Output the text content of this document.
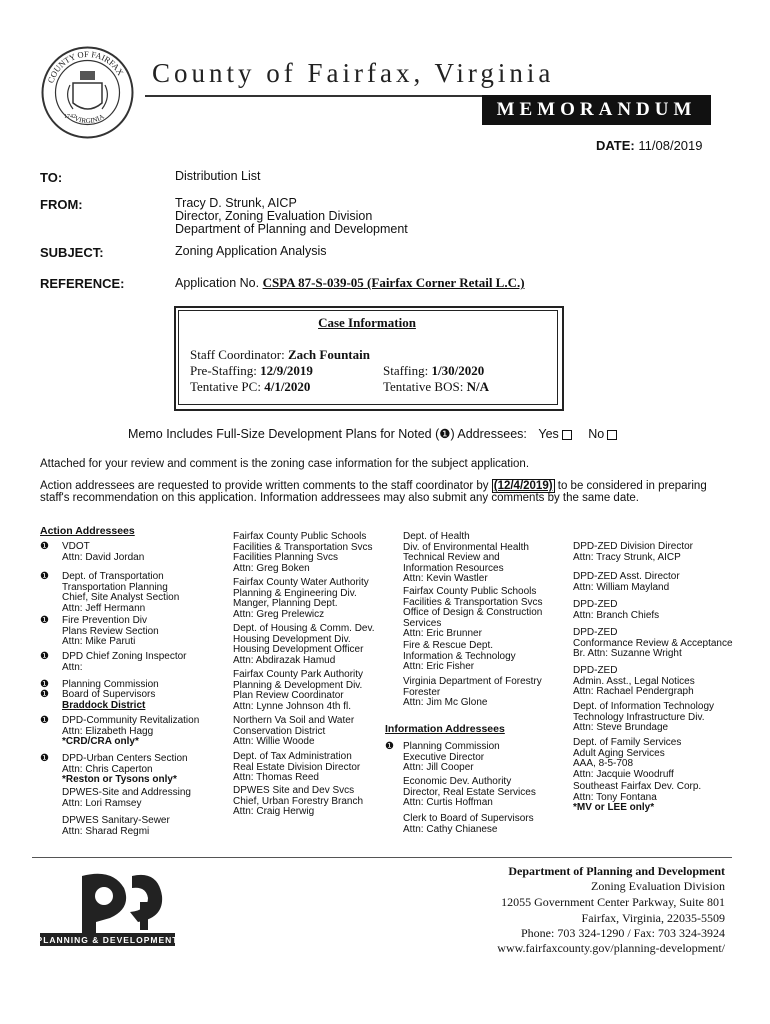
COUNTY OF FAIRFAX
VIRGINIA
1742
County of Fairfax, Virginia
MEMORANDUM
DATE: 11/08/2019
TO:	Distribution List
FROM:	Tracy D. Strunk, AICP
Director, Zoning Evaluation Division
Department of Planning and Development
SUBJECT:	Zoning Application Analysis
REFERENCE:	Application No. CSPA 87-S-039-05 (Fairfax Corner Retail L.C.)
Case Information
Staff Coordinator: Zach Fountain
Pre-Staffing: 12/9/2019	Staffing: 1/30/2020
Tentative PC: 4/1/2020	Tentative BOS: N/A
Memo Includes Full-Size Development Plans for Noted (❶) Addressees: Yes No
Attached for your review and comment is the zoning case information for the subject application.
Action addressees are requested to provide written comments to the staff coordinator by (12/4/2019) to be considered in preparing
staff's recommendation on this application. Information addressees may also submit any comments by the same date.
Action Addressees
VDOT
Attn: David Jordan
❶
Dept. of Transportation
Transportation Planning
Chief, Site Analyst Section
Attn: Jeff Hermann
❶
Fire Prevention Div
Plans Review Section
Attn: Mike Paruti
❶
DPD Chief Zoning Inspector
Attn:
❶
Planning Commission
❶
Board of Supervisors
Braddock District
❶
DPD-Community Revitalization
Attn: Elizabeth Hagg
*CRD/CRA only*
❶
DPD-Urban Centers Section
Attn: Chris Caperton
*Reston or Tysons only*
❶
DPWES-Site and Addressing
Attn: Lori Ramsey
DPWES Sanitary-Sewer
Attn: Sharad Regmi
Fairfax County Public Schools
Facilities & Transportation Svcs
Facilities Planning Svcs
Attn: Greg Boken
Fairfax County Water Authority
Planning & Engineering Div.
Manger, Planning Dept.
Attn: Greg Prelewicz
Dept. of Housing & Comm. Dev.
Housing Development Div.
Housing Development Officer
Attn: Abdirazak Hamud
Fairfax County Park Authority
Planning & Development Div.
Plan Review Coordinator
Attn: Lynne Johnson 4th fl.
Northern Va Soil and Water
Conservation District
Attn: Willie Woode
Dept. of Tax Administration
Real Estate Division Director
Attn: Thomas Reed
DPWES Site and Dev Svcs
Chief, Urban Forestry Branch
Attn: Craig Herwig
Dept. of Health
Div. of Environmental Health
Technical Review and
Information Resources
Attn: Kevin Wastler
Fairfax County Public Schools
Facilities & Transportation Svcs
Office of Design & Construction
Services
Attn: Eric Brunner
Fire & Rescue Dept.
Information & Technology
Attn: Eric Fisher
Virginia Department of Forestry
Forester
Attn: Jim Mc Glone
Information Addressees
Planning Commission
Executive Director
Attn: Jill Cooper
❶
Economic Dev. Authority
Director, Real Estate Services
Attn: Curtis Hoffman
Clerk to Board of Supervisors
Attn: Cathy Chianese
DPD-ZED Division Director
Attn: Tracy Strunk, AICP
DPD-ZED Asst. Director
Attn: William Mayland
DPD-ZED
Attn: Branch Chiefs
DPD-ZED
Conformance Review & Acceptance
Br. Attn: Suzanne Wright
DPD-ZED
Admin. Asst., Legal Notices
Attn: Rachael Pendergraph
Dept. of Information Technology
Technology Infrastructure Div.
Attn: Steve Brundage
Dept. of Family Services
Adult Aging Services
AAA, 8-5-708
Attn: Jacquie Woodruff
Southeast Fairfax Dev. Corp.
Attn: Tony Fontana
*MV or LEE only*
PLANNING & DEVELOPMENT
Department of Planning and Development
Zoning Evaluation Division
12055 Government Center Parkway, Suite 801
Fairfax, Virginia, 22035-5509
Phone: 703 324-1290 / Fax: 703 324-3924
www.fairfaxcounty.gov/planning-development/
